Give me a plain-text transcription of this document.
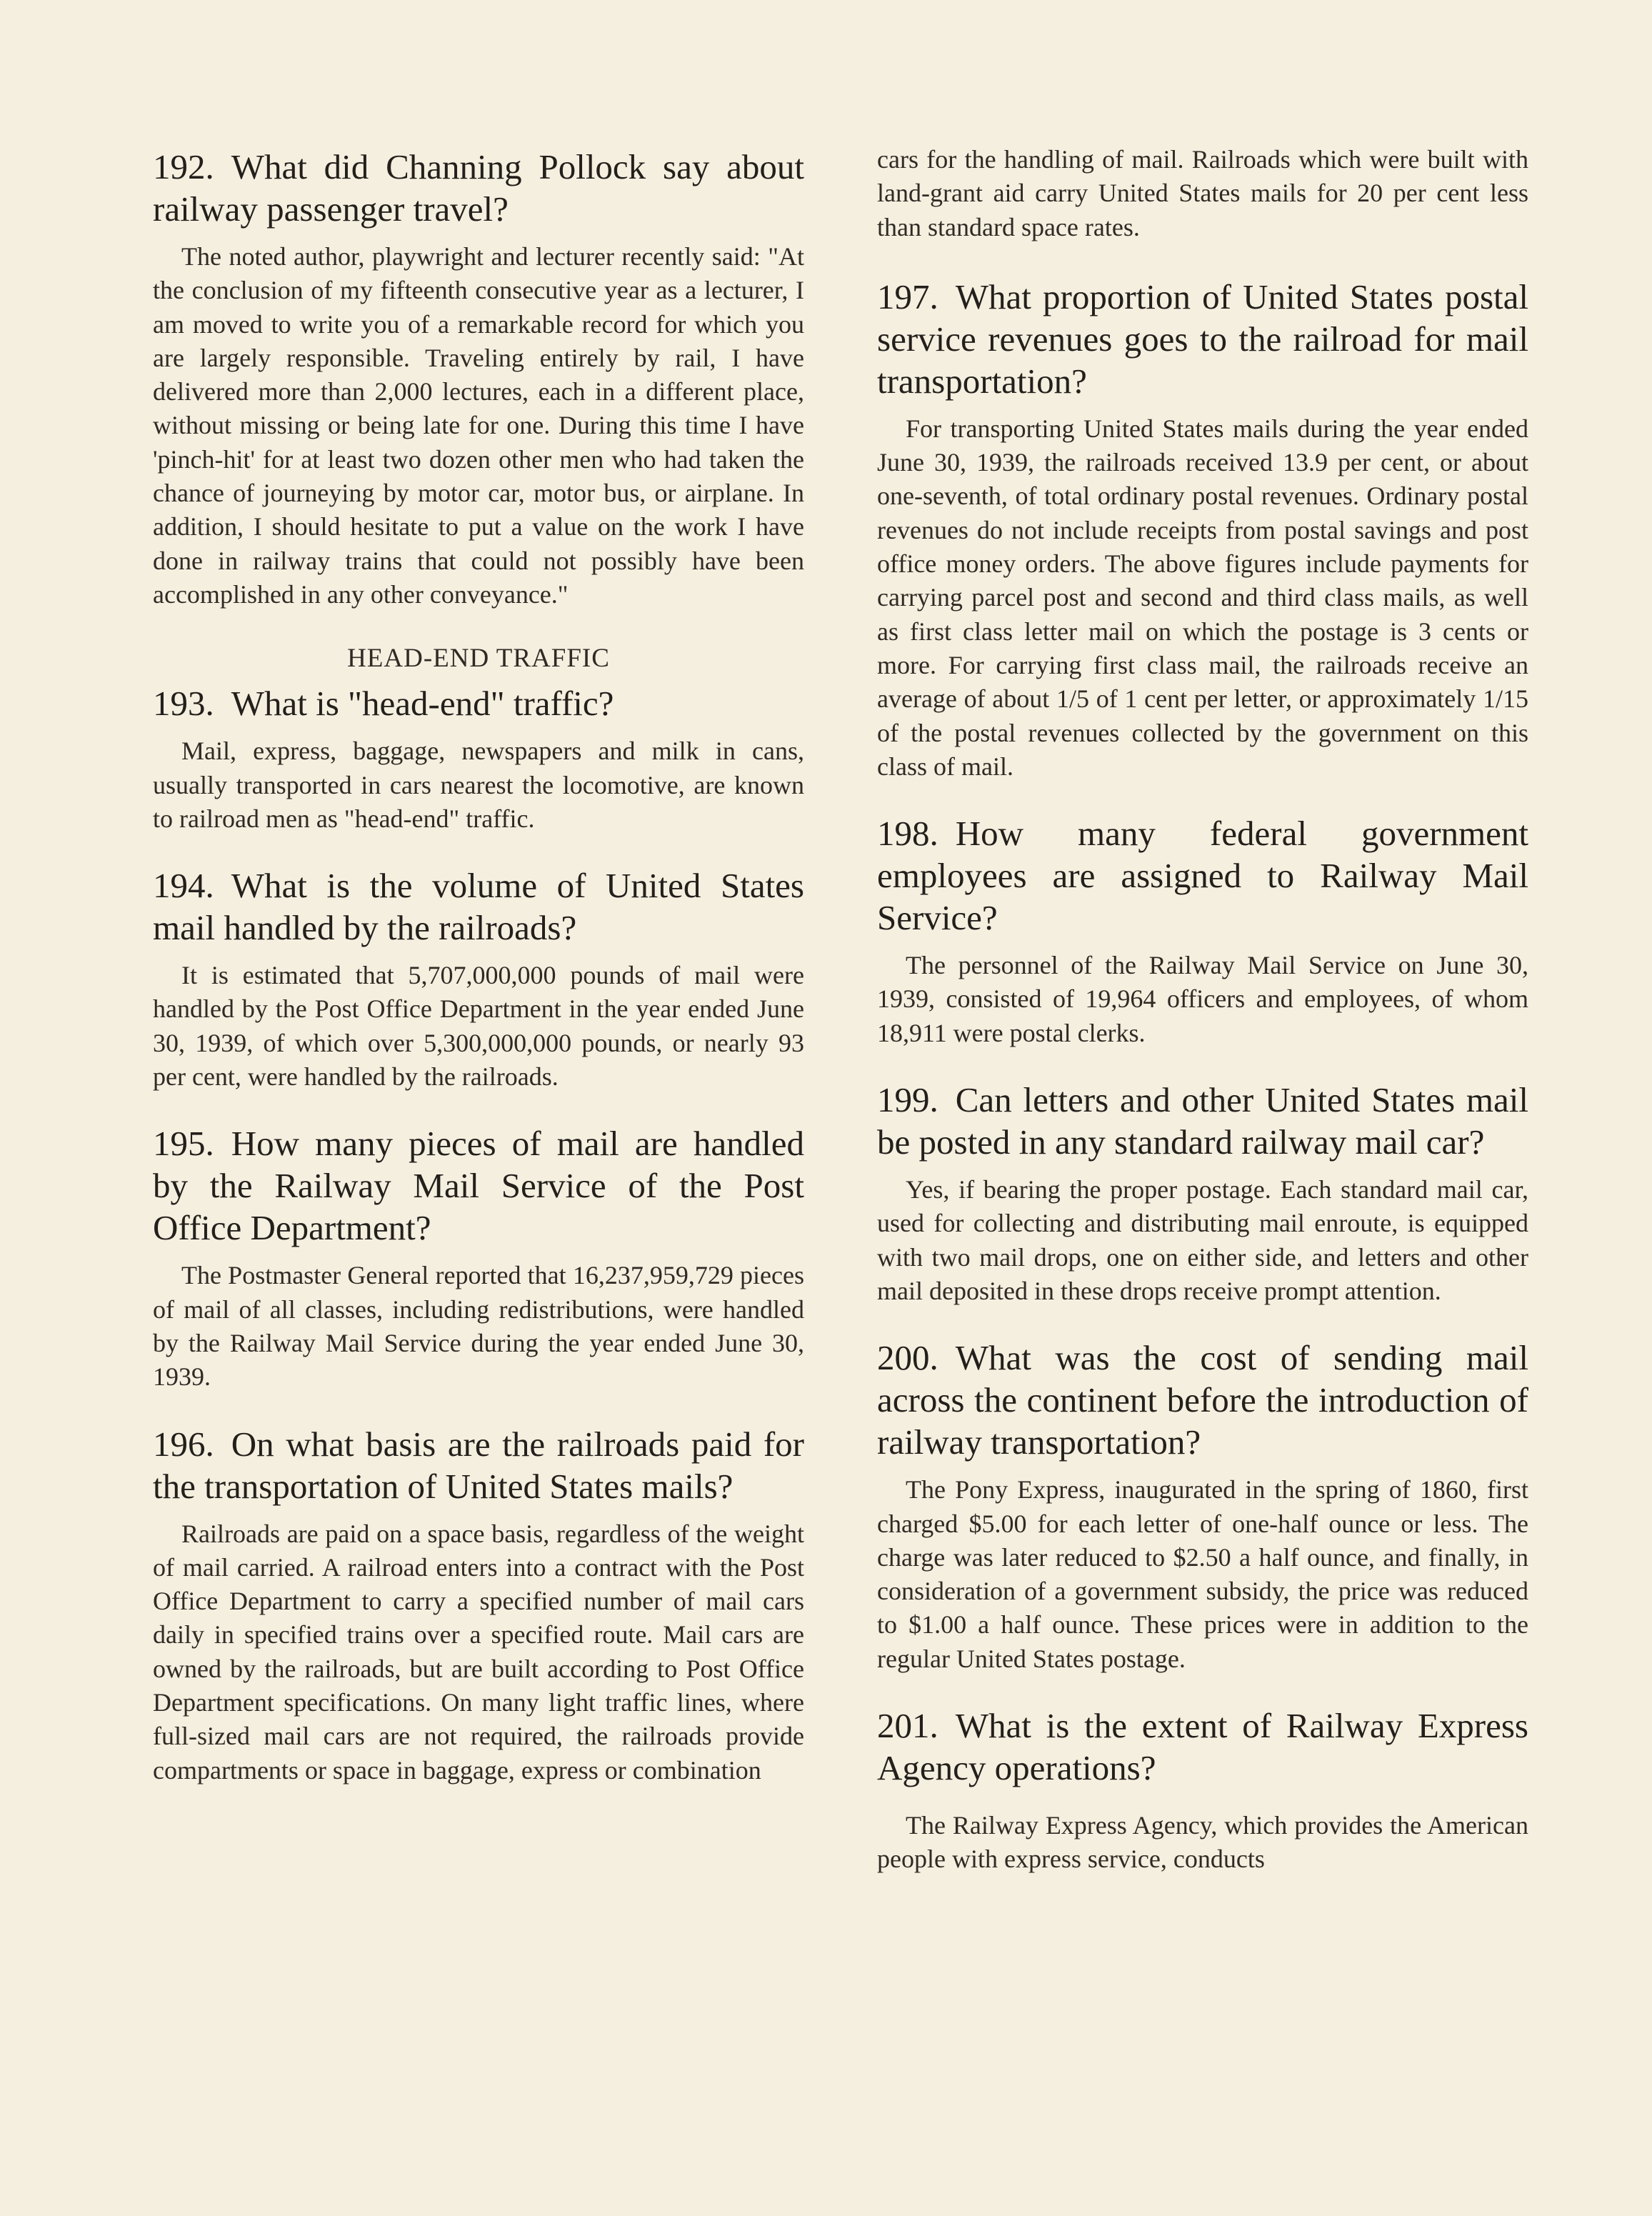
192. What did Channing Pollock say about railway passenger travel?

The noted author, playwright and lecturer recently said: "At the conclusion of my fifteenth consecutive year as a lecturer, I am moved to write you of a remarkable record for which you are largely responsible. Traveling entirely by rail, I have delivered more than 2,000 lectures, each in a different place, without missing or being late for one. During this time I have 'pinch-hit' for at least two dozen other men who had taken the chance of journeying by motor car, motor bus, or airplane. In addition, I should hesitate to put a value on the work I have done in railway trains that could not possibly have been accomplished in any other conveyance."

HEAD-END TRAFFIC

193. What is "head-end" traffic?

Mail, express, baggage, newspapers and milk in cans, usually transported in cars nearest the locomotive, are known to railroad men as "head-end" traffic.

194. What is the volume of United States mail handled by the railroads?

It is estimated that 5,707,000,000 pounds of mail were handled by the Post Office Department in the year ended June 30, 1939, of which over 5,300,000,000 pounds, or nearly 93 per cent, were handled by the railroads.

195. How many pieces of mail are handled by the Railway Mail Service of the Post Office Department?

The Postmaster General reported that 16,237,959,729 pieces of mail of all classes, including redistributions, were handled by the Railway Mail Service during the year ended June 30, 1939.

196. On what basis are the railroads paid for the transportation of United States mails?

Railroads are paid on a space basis, regardless of the weight of mail carried. A railroad enters into a contract with the Post Office Department to carry a specified number of mail cars daily in specified trains over a specified route. Mail cars are owned by the railroads, but are built according to Post Office Department specifications. On many light traffic lines, where full-sized mail cars are not required, the railroads provide compartments or space in baggage, express or combination

cars for the handling of mail. Railroads which were built with land-grant aid carry United States mails for 20 per cent less than standard space rates.

197. What proportion of United States postal service revenues goes to the railroad for mail transportation?

For transporting United States mails during the year ended June 30, 1939, the railroads received 13.9 per cent, or about one-seventh, of total ordinary postal revenues. Ordinary postal revenues do not include receipts from postal savings and post office money orders. The above figures include payments for carrying parcel post and second and third class mails, as well as first class letter mail on which the postage is 3 cents or more. For carrying first class mail, the railroads receive an average of about 1/5 of 1 cent per letter, or approximately 1/15 of the postal revenues collected by the government on this class of mail.

198. How many federal government employees are assigned to Railway Mail Service?

The personnel of the Railway Mail Service on June 30, 1939, consisted of 19,964 officers and employees, of whom 18,911 were postal clerks.

199. Can letters and other United States mail be posted in any standard railway mail car?

Yes, if bearing the proper postage. Each standard mail car, used for collecting and distributing mail enroute, is equipped with two mail drops, one on either side, and letters and other mail deposited in these drops receive prompt attention.

200. What was the cost of sending mail across the continent before the introduction of railway transportation?

The Pony Express, inaugurated in the spring of 1860, first charged $5.00 for each letter of one-half ounce or less. The charge was later reduced to $2.50 a half ounce, and finally, in consideration of a government subsidy, the price was reduced to $1.00 a half ounce. These prices were in addition to the regular United States postage.

201. What is the extent of Railway Express Agency operations?

The Railway Express Agency, which provides the American people with express service, conducts
